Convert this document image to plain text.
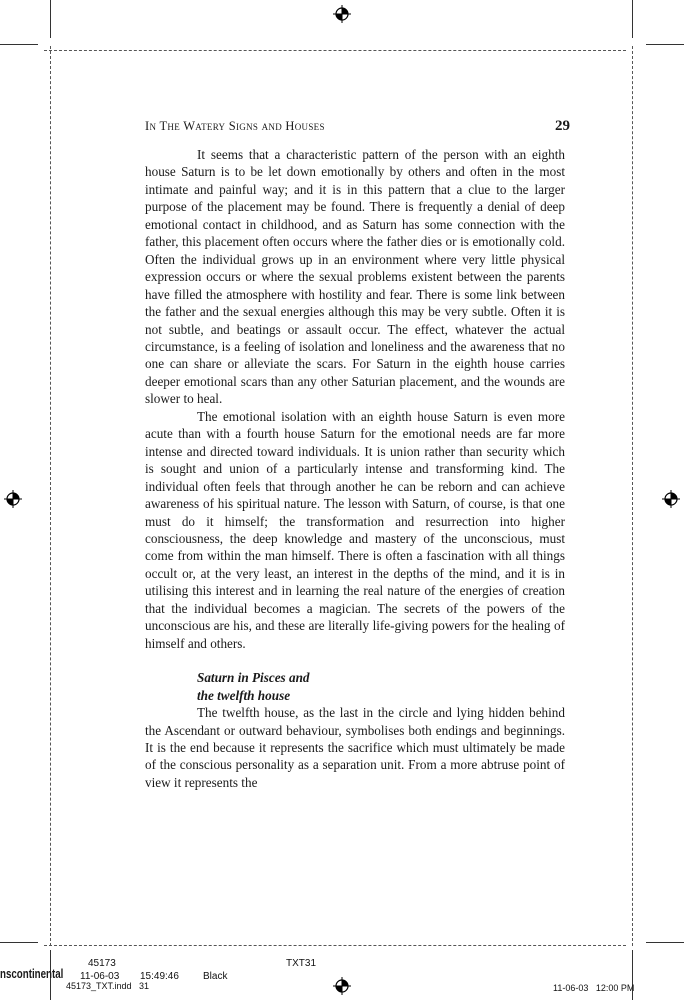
In The Watery Signs and Houses	29

It seems that a characteristic pattern of the person with an eighth house Saturn is to be let down emotionally by others and often in the most intimate and painful way; and it is in this pattern that a clue to the larger purpose of the placement may be found. There is frequently a denial of deep emotional contact in childhood, and as Saturn has some connection with the father, this placement often occurs where the father dies or is emotionally cold. Often the individual grows up in an environment where very little physical expression occurs or where the sexual problems existent between the parents have filled the atmosphere with hostility and fear. There is some link between the father and the sexual energies although this may be very subtle. Often it is not subtle, and beatings or assault occur. The effect, whatever the actual circumstance, is a feeling of isolation and loneliness and the awareness that no one can share or alleviate the scars. For Saturn in the eighth house carries deeper emotional scars than any other Saturian placement, and the wounds are slower to heal.

The emotional isolation with an eighth house Saturn is even more acute than with a fourth house Saturn for the emotional needs are far more intense and directed toward individuals. It is union rather than security which is sought and union of a particularly intense and transforming kind. The individual often feels that through another he can be reborn and can achieve awareness of his spiritual nature. The lesson with Saturn, of course, is that one must do it himself; the transformation and resurrection into higher consciousness, the deep knowledge and mastery of the unconscious, must come from within the man himself. There is often a fascination with all things occult or, at the very least, an interest in the depths of the mind, and it is in utilising this interest and in learning the real nature of the energies of creation that the individual becomes a magician. The secrets of the powers of the unconscious are his, and these are literally life-giving powers for the healing of himself and others.

Saturn in Pisces and
the twelfth house

The twelfth house, as the last in the circle and lying hidden behind the Ascendant or outward behaviour, symbolises both endings and beginnings. It is the end because it represents the sacrifice which must ultimately be made of the conscious personality as a separation unit. From a more abtruse point of view it represents the

nscontinental
45173
11-06-03 15:49:46
45173_TXT.indd 31
Black
TXT31
11-06-03   12:00 PM
